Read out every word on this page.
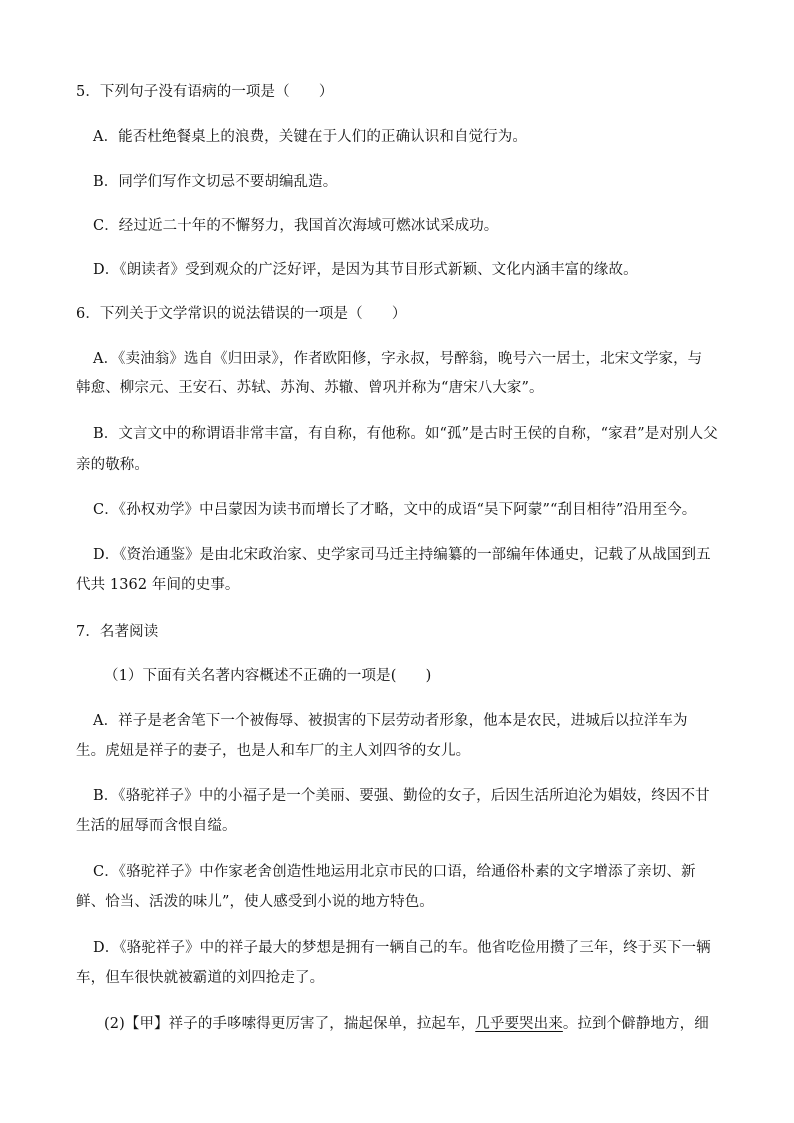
5．下列句子没有语病的一项是（　　）
A．能否杜绝餐桌上的浪费，关键在于人们的正确认识和自觉行为。
B．同学们写作文切忌不要胡编乱造。
C．经过近二十年的不懈努力，我国首次海域可燃冰试采成功。
D．《朗读者》受到观众的广泛好评，是因为其节目形式新颖、文化内涵丰富的缘故。
6．下列关于文学常识的说法错误的一项是（　　）
A．《卖油翁》选自《归田录》，作者欧阳修，字永叔，号醉翁，晚号六一居士，北宋文学家，与
韩愈、柳宗元、王安石、苏轼、苏洵、苏辙、曾巩并称为“唐宋八大家”。
B．文言文中的称谓语非常丰富，有自称，有他称。如“孤”是古时王侯的自称，“家君”是对别人父
亲的敬称。
C．《孙权劝学》中吕蒙因为读书而增长了才略，文中的成语“吴下阿蒙”“刮目相待”沿用至今。
D．《资治通鉴》是由北宋政治家、史学家司马迁主持编纂的一部编年体通史，记载了从战国到五
代共 1362 年间的史事。
7．名著阅读
（1）下面有关名著内容概述不正确的一项是(　　)
A．祥子是老舍笔下一个被侮辱、被损害的下层劳动者形象，他本是农民，进城后以拉洋车为
生。虎妞是祥子的妻子，也是人和车厂的主人刘四爷的女儿。
B．《骆驼祥子》中的小福子是一个美丽、要强、勤俭的女子，后因生活所迫沦为娼妓，终因不甘
生活的屈辱而含恨自缢。
C．《骆驼祥子》中作家老舍创造性地运用北京市民的口语，给通俗朴素的文字增添了亲切、新
鲜、恰当、活泼的味儿”，使人感受到小说的地方特色。
D．《骆驼祥子》中的祥子最大的梦想是拥有一辆自己的车。他省吃俭用攒了三年，终于买下一辆
车，但车很快就被霸道的刘四抢走了。
(2)【甲】祥子的手哆嗦得更厉害了，揣起保单，拉起车，几乎要哭出来。拉到个僻静地方，细
